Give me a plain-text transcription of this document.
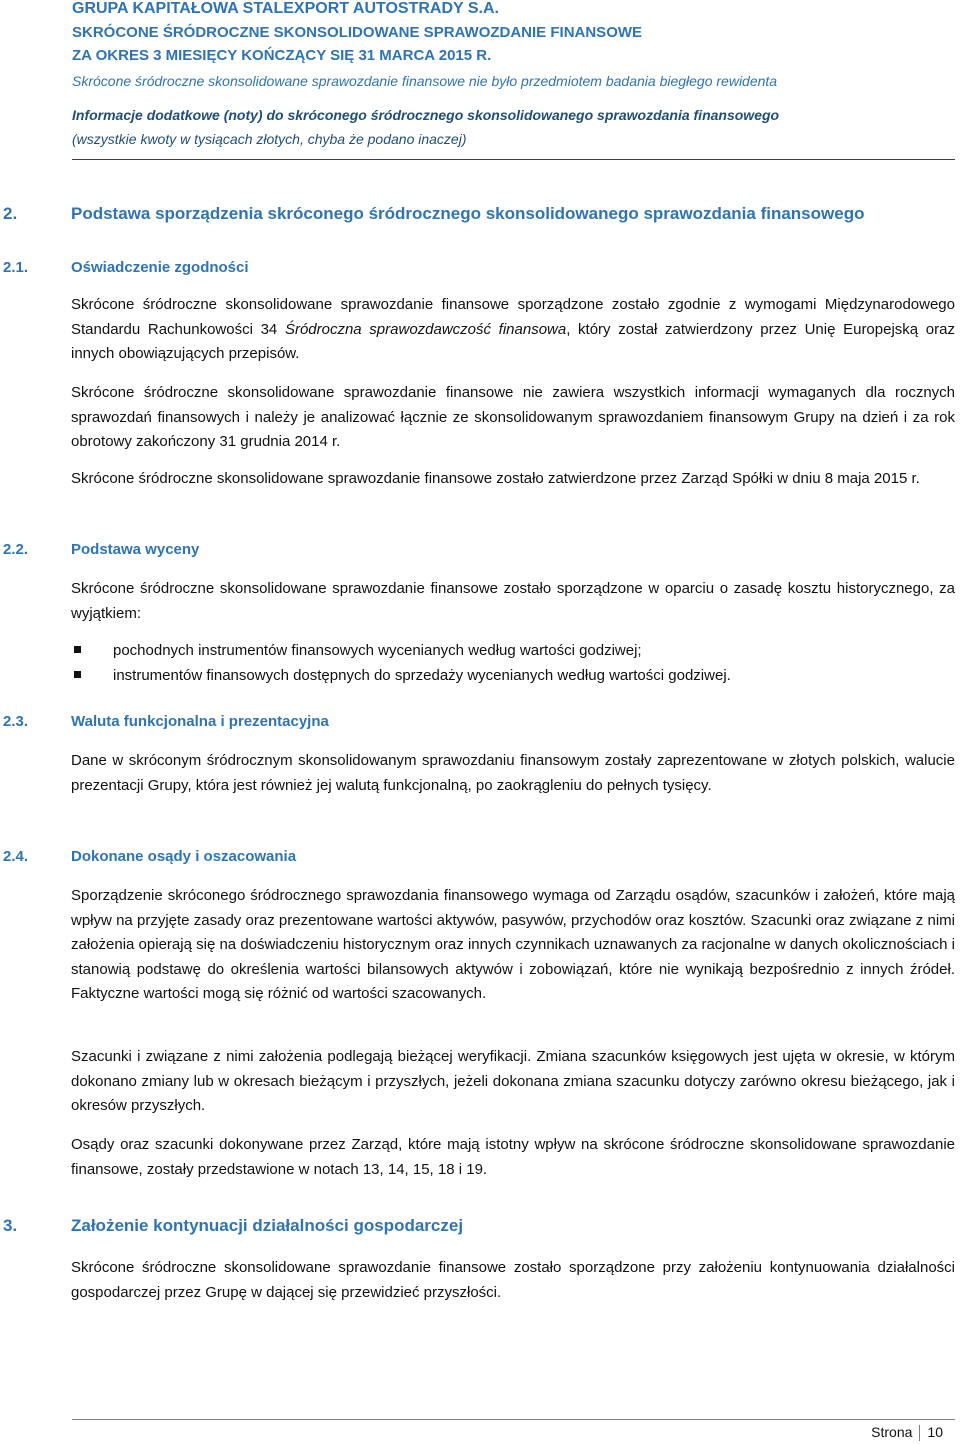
GRUPA KAPITAŁOWA STALEXPORT AUTOSTRADY S.A.
SKRÓCONE ŚRÓDROCZNE SKONSOLIDOWANE SPRAWOZDANIE FINANSOWE
ZA OKRES 3 MIESIĘCY KOŃCZĄCY SIĘ 31 MARCA 2015 R.
Skrócone śródroczne skonsolidowane sprawozdanie finansowe nie było przedmiotem badania biegłego rewidenta
Informacje dodatkowe (noty) do skróconego śródrocznego skonsolidowanego sprawozdania finansowego
(wszystkie kwoty w tysiącach złotych, chyba że podano inaczej)
2.	Podstawa sporządzenia skróconego śródrocznego skonsolidowanego sprawozdania finansowego
2.1.	Oświadczenie zgodności

Skrócone śródroczne skonsolidowane sprawozdanie finansowe sporządzone zostało zgodnie z wymogami Międzynarodowego Standardu Rachunkowości 34 Śródroczna sprawozdawczość finansowa, który został zatwierdzony przez Unię Europejską oraz innych obowiązujących przepisów.

Skrócone śródroczne skonsolidowane sprawozdanie finansowe nie zawiera wszystkich informacji wymaganych dla rocznych sprawozdań finansowych i należy je analizować łącznie ze skonsolidowanym sprawozdaniem finansowym Grupy na dzień i za rok obrotowy zakończony 31 grudnia 2014 r.

Skrócone śródroczne skonsolidowane sprawozdanie finansowe zostało zatwierdzone przez Zarząd Spółki w dniu 8 maja 2015 r.

2.2.	Podstawa wyceny

Skrócone śródroczne skonsolidowane sprawozdanie finansowe zostało sporządzone w oparciu o zasadę kosztu historycznego, za wyjątkiem:

pochodnych instrumentów finansowych wycenianych według wartości godziwej;
instrumentów finansowych dostępnych do sprzedaży wycenianych według wartości godziwej.
2.3.	Waluta funkcjonalna i prezentacyjna

Dane w skróconym śródrocznym skonsolidowanym sprawozdaniu finansowym zostały zaprezentowane w złotych polskich, walucie prezentacji Grupy, która jest również jej walutą funkcjonalną, po zaokrągleniu do pełnych tysięcy.

2.4.	Dokonane osądy i oszacowania

Sporządzenie skróconego śródrocznego sprawozdania finansowego wymaga od Zarządu osądów, szacunków i założeń, które mają wpływ na przyjęte zasady oraz prezentowane wartości aktywów, pasywów, przychodów oraz kosztów. Szacunki oraz związane z nimi założenia opierają się na doświadczeniu historycznym oraz innych czynnikach uznawanych za racjonalne w danych okolicznościach i stanowią podstawę do określenia wartości bilansowych aktywów i zobowiązań, które nie wynikają bezpośrednio z innych źródeł. Faktyczne wartości mogą się różnić od wartości szacowanych.

Szacunki i związane z nimi założenia podlegają bieżącej weryfikacji. Zmiana szacunków księgowych jest ujęta w okresie, w którym dokonano zmiany lub w okresach bieżącym i przyszłych, jeżeli dokonana zmiana szacunku dotyczy zarówno okresu bieżącego, jak i okresów przyszłych.

Osądy oraz szacunki dokonywane przez Zarząd, które mają istotny wpływ na skrócone śródroczne skonsolidowane sprawozdanie finansowe, zostały przedstawione w notach 13, 14, 15, 18 i 19.

3.	Założenie kontynuacji działalności gospodarczej

Skrócone śródroczne skonsolidowane sprawozdanie finansowe zostało sporządzone przy założeniu kontynuowania działalności gospodarczej przez Grupę w dającej się przewidzieć przyszłości.

Strona 10
